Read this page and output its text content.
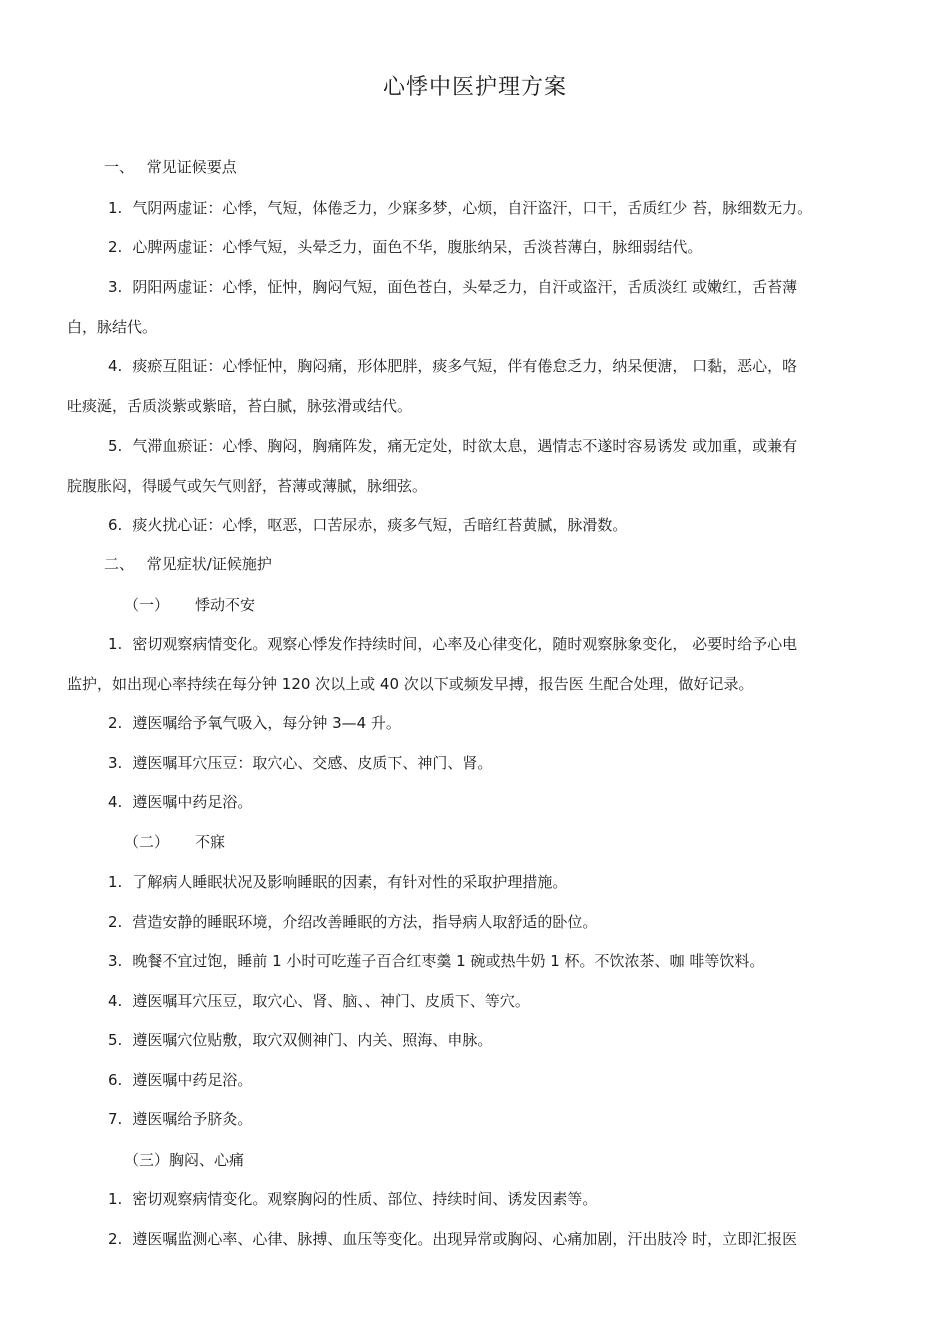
心悸中医护理方案
一、 常见证候要点
1. 气阴两虚证：心悸，气短，体倦乏力，少寐多梦，心烦，自汗盗汗，口干，舌质红少 苔，脉细数无力。
2. 心脾两虚证：心悸气短，头晕乏力，面色不华，腹胀纳呆，舌淡苔薄白，脉细弱结代。
3. 阴阳两虚证：心悸，怔忡，胸闷气短，面色苍白，头晕乏力，自汗或盗汗，舌质淡红 或嫩红，舌苔薄
白，脉结代。
4. 痰瘀互阻证：心悸怔忡，胸闷痛，形体肥胖，痰多气短，伴有倦怠乏力，纳呆便溏， 口黏，恶心，咯
吐痰涎，舌质淡紫或紫暗，苔白腻，脉弦滑或结代。
5. 气滞血瘀证：心悸、胸闷，胸痛阵发，痛无定处，时欲太息，遇情志不遂时容易诱发 或加重，或兼有
脘腹胀闷，得暖气或矢气则舒，苔薄或薄腻，脉细弦。
6. 痰火扰心证：心悸，呕恶，口苦尿赤，痰多气短，舌暗红苔黄腻，脉滑数。
二、 常见症状/证候施护
（一） 悸动不安
1. 密切观察病情变化。观察心悸发作持续时间，心率及心律变化，随时观察脉象变化， 必要时给予心电
监护，如出现心率持续在每分钟 120 次以上或 40 次以下或频发早搏，报告医 生配合处理，做好记录。
2. 遵医嘱给予氧气吸入，每分钟 3—4 升。
3. 遵医嘱耳穴压豆：取穴心、交感、皮质下、神门、肾。
4. 遵医嘱中药足浴。
（二） 不寐
1. 了解病人睡眠状况及影响睡眠的因素，有针对性的采取护理措施。
2. 营造安静的睡眠环境，介绍改善睡眠的方法，指导病人取舒适的卧位。
3. 晚餐不宜过饱，睡前 1 小时可吃莲子百合红枣羹 1 碗或热牛奶 1 杯。不饮浓茶、咖 啡等饮料。
4. 遵医嘱耳穴压豆，取穴心、肾、脑、、神门、皮质下、等穴。
5. 遵医嘱穴位贴敷，取穴双侧神门、内关、照海、申脉。
6. 遵医嘱中药足浴。
7. 遵医嘱给予脐灸。
（三）胸闷、心痛
1. 密切观察病情变化。观察胸闷的性质、部位、持续时间、诱发因素等。
2. 遵医嘱监测心率、心律、脉搏、血压等变化。出现异常或胸闷、心痛加剧，汗出肢冷 时，立即汇报医
